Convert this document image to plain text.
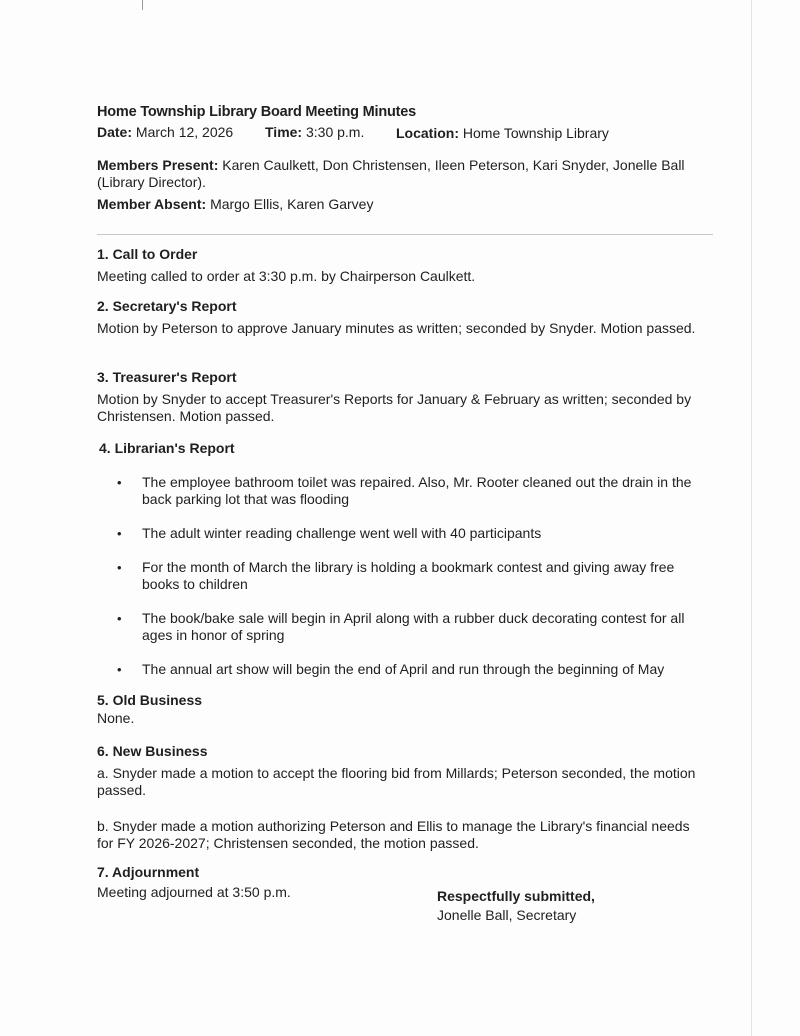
Home Township Library Board Meeting Minutes
Date: March 12, 2026 Time: 3:30 p.m. Location: Home Township Library
Members Present: Karen Caulkett, Don Christensen, Ileen Peterson, Kari Snyder, Jonelle Ball (Library Director).
Member Absent: Margo Ellis, Karen Garvey
1. Call to Order
Meeting called to order at 3:30 p.m. by Chairperson Caulkett.
2. Secretary's Report
Motion by Peterson to approve January minutes as written; seconded by Snyder. Motion passed.
3. Treasurer's Report
Motion by Snyder to accept Treasurer's Reports for January & February as written; seconded by Christensen. Motion passed.
4. Librarian's Report
• The employee bathroom toilet was repaired. Also, Mr. Rooter cleaned out the drain in the back parking lot that was flooding
• The adult winter reading challenge went well with 40 participants
• For the month of March the library is holding a bookmark contest and giving away free books to children
• The book/bake sale will begin in April along with a rubber duck decorating contest for all ages in honor of spring
• The annual art show will begin the end of April and run through the beginning of May
5. Old Business
None.
6. New Business
a. Snyder made a motion to accept the flooring bid from Millards; Peterson seconded, the motion passed.
b. Snyder made a motion authorizing Peterson and Ellis to manage the Library's financial needs for FY 2026-2027; Christensen seconded, the motion passed.
7. Adjournment
Meeting adjourned at 3:50 p.m.	Respectfully submitted,
Jonelle Ball, Secretary
